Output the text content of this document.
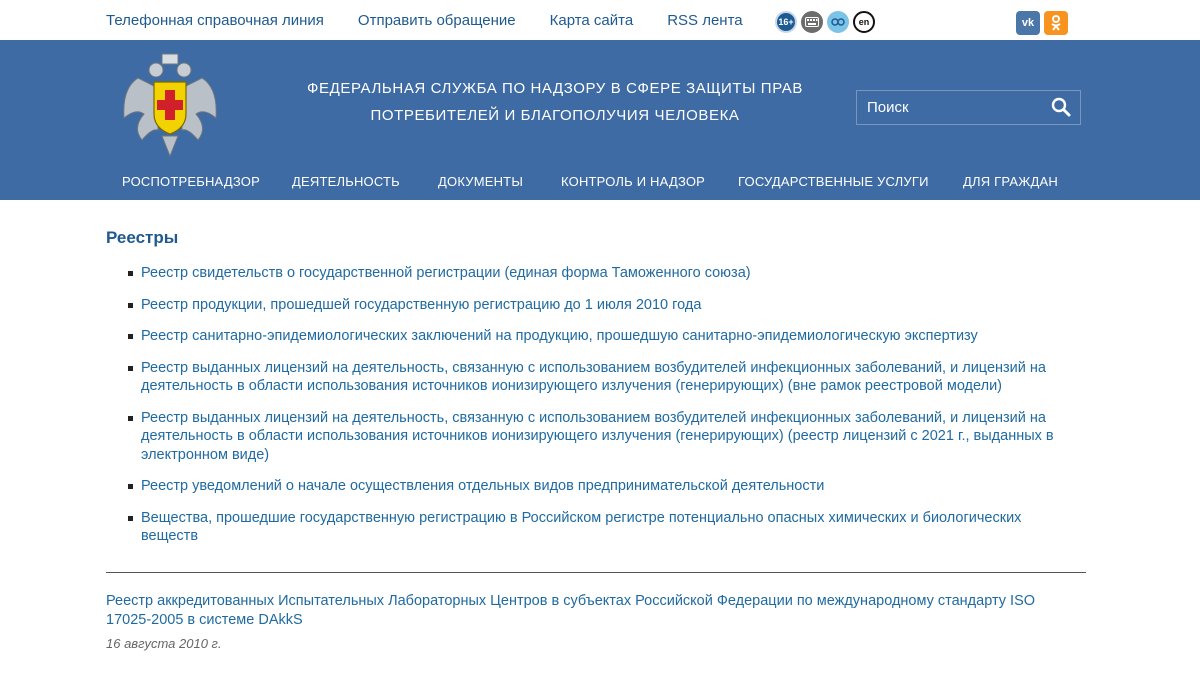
Телефонная справочная линия Отправить обращение Карта сайта RSS лента	16+	en	vk
ФЕДЕРАЛЬНАЯ СЛУЖБА ПО НАДЗОРУ В СФЕРЕ ЗАЩИТЫ ПРАВ
ПОТРЕБИТЕЛЕЙ И БЛАГОПОЛУЧИЯ ЧЕЛОВЕКА
Поиск
РОСПОТРЕБНАДЗОР ДЕЯТЕЛЬНОСТЬ	ДОКУМЕНТЫ	КОНТРОЛЬ И НАДЗОР	ГОСУДАРСТВЕННЫЕ УСЛУГИ	ДЛЯ ГРАЖДАН
Реестры
Реестр свидетельств о государственной регистрации (единая форма Таможенного союза)
Реестр продукции, прошедшей государственную регистрацию до 1 июля 2010 года
Реестр санитарно-эпидемиологических заключений на продукцию, прошедшую санитарно-эпидемиологическую экспертизу
Реестр выданных лицензий на деятельность, связанную с использованием возбудителей инфекционных заболеваний, и лицензий на деятельность в области использования источников ионизирующего излучения (генерирующих) (вне рамок реестровой модели)
Реестр выданных лицензий на деятельность, связанную с использованием возбудителей инфекционных заболеваний, и лицензий на деятельность в области использования источников ионизирующего излучения (генерирующих) (реестр лицензий с 2021 г., выданных в электронном виде)
Реестр уведомлений о начале осуществления отдельных видов предпринимательской деятельности
Вещества, прошедшие государственную регистрацию в Российском регистре потенциально опасных химических и биологических веществ
Реестр аккредитованных Испытательных Лабораторных Центров в субъектах Российской Федерации по международному стандарту ISO 17025-2005 в системе DAkkS
16 августа 2010 г.
